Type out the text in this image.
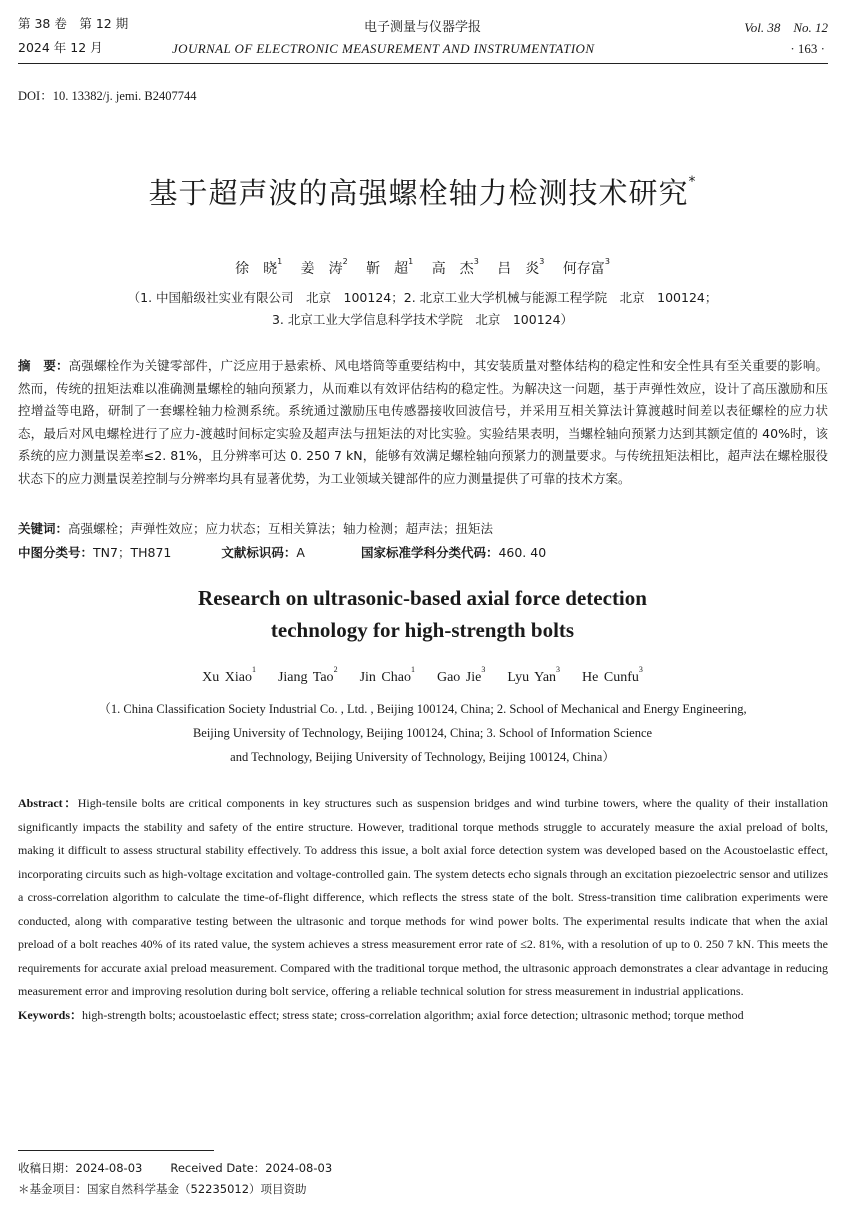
第 38 卷　第 12 期
2024 年 12 月
电子测量与仪器学报
JOURNAL OF ELECTRONIC MEASUREMENT AND INSTRUMENTATION
Vol. 38　No. 12
· 163 ·
DOI：10. 13382/j. jemi. B2407744
基于超声波的高强螺栓轴力检测技术研究*
徐　晓$^1$ 姜　涛$^2$ 靳　超$^1$ 高　杰$^3$ 吕　炎$^3$ 何存富$^3$
（1. 中国船级社实业有限公司　北京　100124；2. 北京工业大学机械与能源工程学院　北京　100124；
3. 北京工业大学信息科学技术学院　北京　100124）
摘　要：高强螺栓作为关键零部件，广泛应用于悬索桥、风电塔筒等重要结构中，其安装质量对整体结构的稳定性和安全性具有至关重要的影响。然而，传统的扭矩法难以准确测量螺栓的轴向预紧力，从而难以有效评估结构的稳定性。为解决这一问题，基于声弹性效应，设计了高压激励和压控增益等电路，研制了一套螺栓轴力检测系统。系统通过激励压电传感器接收回波信号，并采用互相关算法计算渡越时间差以表征螺栓的应力状态，最后对风电螺栓进行了应力-渡越时间标定实验及超声法与扭矩法的对比实验。实验结果表明，当螺栓轴向预紧力达到其额定值的 40%时，该系统的应力测量误差率≤2. 81%，且分辨率可达 0. 250 7 kN，能够有效满足螺栓轴向预紧力的测量要求。与传统扭矩法相比，超声法在螺栓服役状态下的应力测量误差控制与分辨率均具有显著优势，为工业领域关键部件的应力测量提供了可靠的技术方案。
关键词：高强螺栓；声弹性效应；应力状态；互相关算法；轴力检测；超声法；扭矩法
中图分类号：TN7；TH871	文献标识码：A	国家标准学科分类代码：460. 40
Research on ultrasonic-based axial force detection
technology for high-strength bolts
Xu Xiao$^1$    Jiang Tao$^2$    Jin Chao$^1$    Gao Jie$^3$    Lyu Yan$^3$    He Cunfu$^3$
（1. China Classification Society Industrial Co. , Ltd. , Beijing 100124, China; 2. School of Mechanical and Energy Engineering,
Beijing University of Technology, Beijing 100124, China; 3. School of Information Science
and Technology, Beijing University of Technology, Beijing 100124, China）
Abstract：High-tensile bolts are critical components in key structures such as suspension bridges and wind turbine towers, where the quality of their installation significantly impacts the stability and safety of the entire structure. However, traditional torque methods struggle to accurately measure the axial preload of bolts, making it difficult to assess structural stability effectively. To address this issue, a bolt axial force detection system was developed based on the Acoustoelastic effect, incorporating circuits such as high-voltage excitation and voltage-controlled gain. The system detects echo signals through an excitation piezoelectric sensor and utilizes a cross-correlation algorithm to calculate the time-of-flight difference, which reflects the stress state of the bolt. Stress-transition time calibration experiments were conducted, along with comparative testing between the ultrasonic and torque methods for wind power bolts. The experimental results indicate that when the axial preload of a bolt reaches 40% of its rated value, the system achieves a stress measurement error rate of ≤2. 81%, with a resolution of up to 0. 250 7 kN. This meets the requirements for accurate axial preload measurement. Compared with the traditional torque method, the ultrasonic approach demonstrates a clear advantage in reducing measurement error and improving resolution during bolt service, offering a reliable technical solution for stress measurement in industrial applications.
Keywords：high-strength bolts; acoustoelastic effect; stress state; cross-correlation algorithm; axial force detection; ultrasonic method; torque method
收稿日期：2024-08-03 Received Date：2024-08-03
＊基金项目：国家自然科学基金（52235012）项目资助
